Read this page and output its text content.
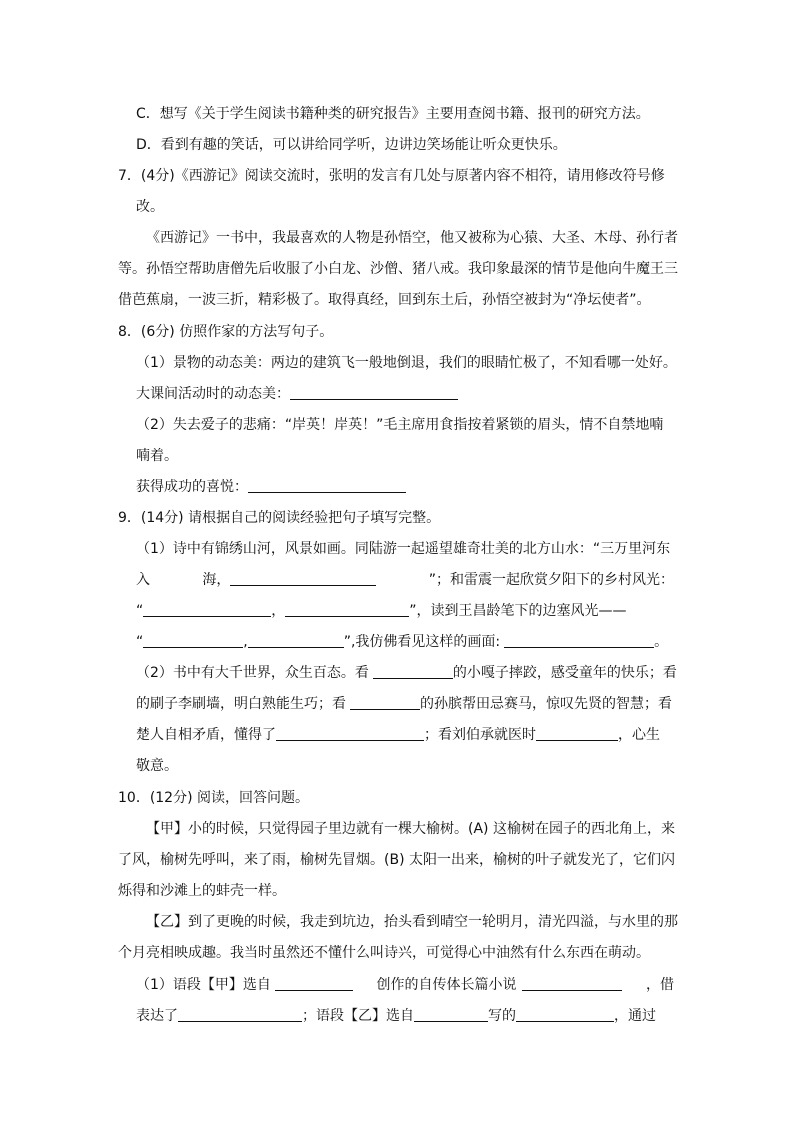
C．想写《关于学生阅读书籍种类的研究报告》主要用查阅书籍、报刊的研究方法。
D．看到有趣的笑话，可以讲给同学听，边讲边笑场能让听众更快乐。
7．(4分)《西游记》阅读交流时，张明的发言有几处与原著内容不相符，请用修改符号修
改。
《西游记》一书中，我最喜欢的人物是孙悟空，他又被称为心猿、大圣、木母、孙行者
等。孙悟空帮助唐僧先后收服了小白龙、沙僧、猪八戒。我印象最深的情节是他向牛魔王三
借芭蕉扇，一波三折，精彩极了。取得真经，回到东土后，孙悟空被封为“净坛使者”。
8．(6分) 仿照作家的方法写句子。
（1）景物的动态美：两边的建筑飞一般地倒退，我们的眼睛忙极了，不知看哪一处好。
大课间活动时的动态美：
（2）失去爱子的悲痛：“岸英！岸英！”毛主席用食指按着紧锁的眉头，情不自禁地喃
喃着。
获得成功的喜悦：
9．(14分) 请根据自己的阅读经验把句子填写完整。
（1）诗中有锦绣山河，风景如画。同陆游一起遥望雄奇壮美的北方山水：“三万里河东
入	海，	”；和雷震一起欣赏夕阳下的乡村风光：
“	，	”，读到王昌龄笔下的边塞风光——
“	,	”,我仿佛看见这样的画面:	。
（2）书中有大千世界，众生百态。看	的小嘎子摔跤，感受童年的快乐；看
的刷子李刷墙，明白熟能生巧；看	的孙膑帮田忌赛马，惊叹先贤的智慧；看
楚人自相矛盾，懂得了	；看刘伯承就医时	，心生
敬意。
10．(12分) 阅读，回答问题。
【甲】小的时候，只觉得园子里边就有一棵大榆树。(A) 这榆树在园子的西北角上，来
了风，榆树先呼叫，来了雨，榆树先冒烟。(B) 太阳一出来，榆树的叶子就发光了，它们闪
烁得和沙滩上的蚌壳一样。
【乙】到了更晚的时候，我走到坑边，抬头看到晴空一轮明月，清光四溢，与水里的那
个月亮相映成趣。我当时虽然还不懂什么叫诗兴，可觉得心中油然有什么东西在萌动。
（1）语段【甲】选自	创作的自传体长篇小说	，借
表达了	；语段【乙】选自	写的	，通过
